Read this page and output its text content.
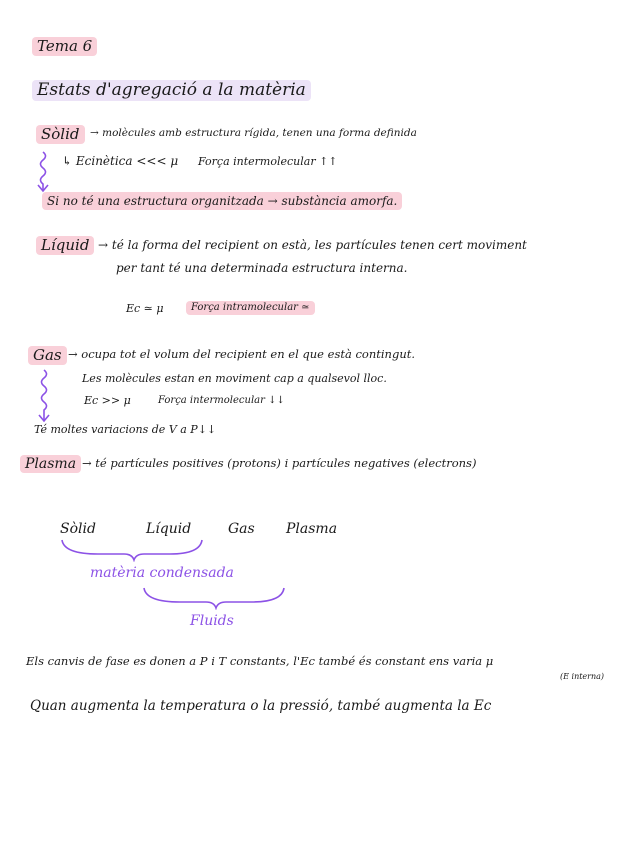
Tema 6
Estats d'agregació a la matèria
Sòlid → molècules amb estructura rígida, tenen una forma definida
↳ Ecinètica <<< μ Força intermolecular ↑↑
Si no té una estructura organitzada → substància amorfa.
Líquid → té la forma del recipient on està, les partícules tenen cert moviment
per tant té una determinada estructura interna.
Ec ≃ μ	Força intramolecular ≃
Gas → ocupa tot el volum del recipient en el que està contingut.
Les molècules estan en moviment cap a qualsevol lloc.
Ec >> μ	Força intermolecular ↓↓
Té moltes variacions de V a P↓↓
Plasma → té partícules positives (protons) i partícules negatives (electrons)
Sòlid	Líquid	Gas Plasma
matèria condensada
Fluids
Els canvis de fase es donen a P i T constants, l'Ec també és constant ens varia μ
(E interna)
Quan augmenta la temperatura o la pressió, també augmenta la Ec
